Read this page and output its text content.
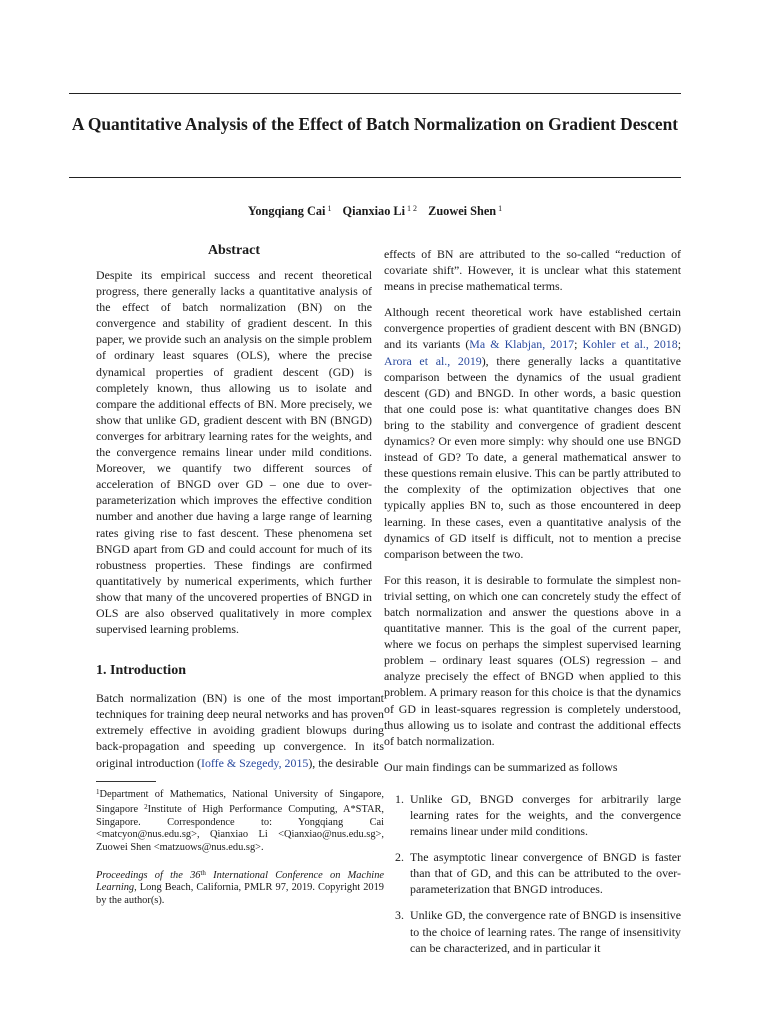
A Quantitative Analysis of the Effect of Batch Normalization on Gradient Descent
Yongqiang Cai $^1$ Qianxiao Li $^{1 2}$ Zuowei Shen $^1$
Abstract

Despite its empirical success and recent theoretical progress, there generally lacks a quantitative analysis of the effect of batch normalization (BN) on the convergence and stability of gradient descent. In this paper, we provide such an analysis on the simple problem of ordinary least squares (OLS), where the precise dynamical properties of gradient descent (GD) is completely known, thus allowing us to isolate and compare the additional effects of BN. More precisely, we show that unlike GD, gradient descent with BN (BNGD) converges for arbitrary learning rates for the weights, and the convergence remains linear under mild conditions. Moreover, we quantify two different sources of acceleration of BNGD over GD – one due to over-parameterization which improves the effective condition number and another due having a large range of learning rates giving rise to fast descent. These phenomena set BNGD apart from GD and could account for much of its robustness properties. These findings are confirmed quantitatively by numerical experiments, which further show that many of the uncovered properties of BNGD in OLS are also observed qualitatively in more complex supervised learning problems.

1. Introduction

Batch normalization (BN) is one of the most important techniques for training deep neural networks and has proven extremely effective in avoiding gradient blowups during back-propagation and speeding up convergence. In its original introduction (Ioffe & Szegedy, 2015), the desirable

$^1$Department of Mathematics, National University of Singapore, Singapore $^2$Institute of High Performance Computing, A*STAR, Singapore. Correspondence to: Yongqiang Cai <matcyon@nus.edu.sg>, Qianxiao Li <Qianxiao@nus.edu.sg>, Zuowei Shen <matzuows@nus.edu.sg>.

Proceedings of the 36th International Conference on Machine Learning, Long Beach, California, PMLR 97, 2019. Copyright 2019 by the author(s).

effects of BN are attributed to the so-called “reduction of covariate shift”. However, it is unclear what this statement means in precise mathematical terms.

Although recent theoretical work have established certain convergence properties of gradient descent with BN (BNGD) and its variants (Ma & Klabjan, 2017; Kohler et al., 2018; Arora et al., 2019), there generally lacks a quantitative comparison between the dynamics of the usual gradient descent (GD) and BNGD. In other words, a basic question that one could pose is: what quantitative changes does BN bring to the stability and convergence of gradient descent dynamics? Or even more simply: why should one use BNGD instead of GD? To date, a general mathematical answer to these questions remain elusive. This can be partly attributed to the complexity of the optimization objectives that one typically applies BN to, such as those encountered in deep learning. In these cases, even a quantitative analysis of the dynamics of GD itself is difficult, not to mention a precise comparison between the two.

For this reason, it is desirable to formulate the simplest non-trivial setting, on which one can concretely study the effect of batch normalization and answer the questions above in a quantitative manner. This is the goal of the current paper, where we focus on perhaps the simplest supervised learning problem – ordinary least squares (OLS) regression – and analyze precisely the effect of BNGD when applied to this problem. A primary reason for this choice is that the dynamics of GD in least-squares regression is completely understood, thus allowing us to isolate and contrast the additional effects of batch normalization.

Our main findings can be summarized as follows

1. Unlike GD, BNGD converges for arbitrarily large learning rates for the weights, and the convergence remains linear under mild conditions.
2. The asymptotic linear convergence of BNGD is faster than that of GD, and this can be attributed to the over-parameterization that BNGD introduces.
3. Unlike GD, the convergence rate of BNGD is insensitive to the choice of learning rates. The range of insensitivity can be characterized, and in particular it
